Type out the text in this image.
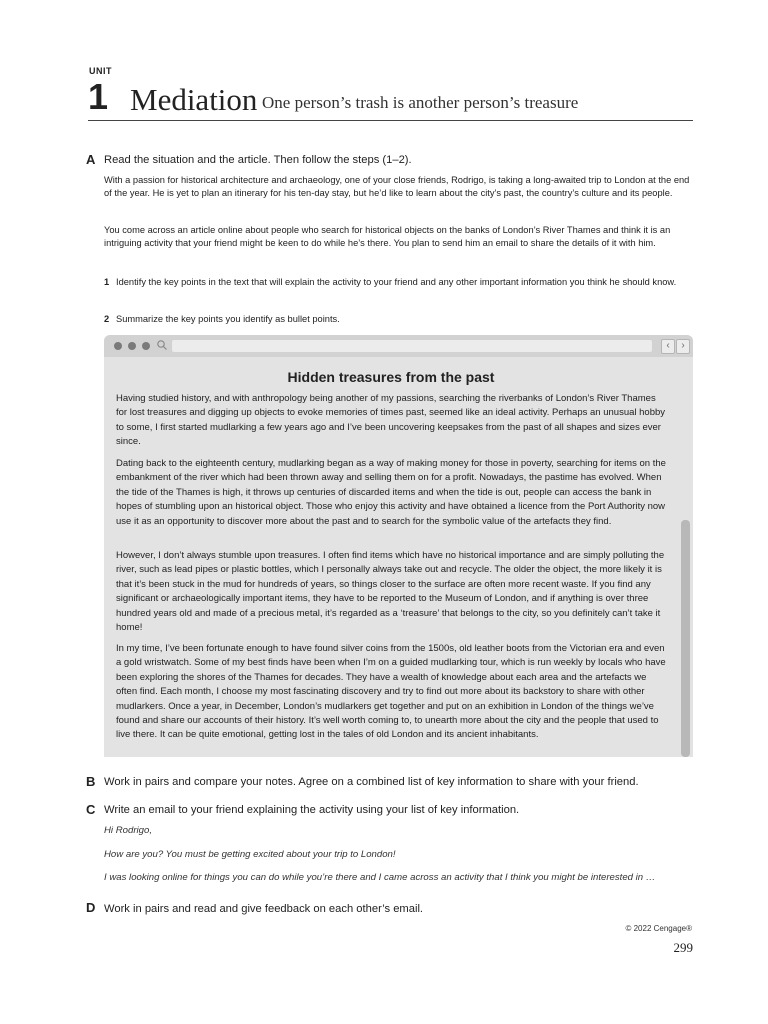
UNIT
1 Mediation One person’s trash is another person’s treasure
A Read the situation and the article. Then follow the steps (1–2).
With a passion for historical architecture and archaeology, one of your close friends, Rodrigo, is taking a long-awaited trip to London at the end of the year. He is yet to plan an itinerary for his ten-day stay, but he’d like to learn about the city’s past, the country’s culture and its people.
You come across an article online about people who search for historical objects on the banks of London’s River Thames and think it is an intriguing activity that your friend might be keen to do while he’s there. You plan to send him an email to share the details of it with him.
1 Identify the key points in the text that will explain the activity to your friend and any other important information you think he should know.
2 Summarize the key points you identify as bullet points.
‹	›
Hidden treasures from the past
Having studied history, and with anthropology being another of my passions, searching the riverbanks of London’s River Thames for lost treasures and digging up objects to evoke memories of times past, seemed like an ideal activity. Perhaps an unusual hobby to some, I first started mudlarking a few years ago and I’ve been uncovering keepsakes from the past of all shapes and sizes ever since.
Dating back to the eighteenth century, mudlarking began as a way of making money for those in poverty, searching for items on the embankment of the river which had been thrown away and selling them on for a profit. Nowadays, the pastime has evolved. When the tide of the Thames is high, it throws up centuries of discarded items and when the tide is out, people can access the bank in hopes of stumbling upon an historical object. Those who enjoy this activity and have obtained a licence from the Port Authority now use it as an opportunity to discover more about the past and to search for the symbolic value of the artefacts they find.
However, I don’t always stumble upon treasures. I often find items which have no historical importance and are simply polluting the river, such as lead pipes or plastic bottles, which I personally always take out and recycle. The older the object, the more likely it is that it’s been stuck in the mud for hundreds of years, so things closer to the surface are often more recent waste. If you find any significant or archaeologically important items, they have to be reported to the Museum of London, and if anything is over three hundred years old and made of a precious metal, it’s regarded as a ‘treasure’ that belongs to the city, so you definitely can’t take it home!
In my time, I’ve been fortunate enough to have found silver coins from the 1500s, old leather boots from the Victorian era and even a gold wristwatch. Some of my best finds have been when I’m on a guided mudlarking tour, which is run weekly by locals who have been exploring the shores of the Thames for decades. They have a wealth of knowledge about each area and the artefacts we often find. Each month, I choose my most fascinating discovery and try to find out more about its backstory to share with other mudlarkers. Once a year, in December, London’s mudlarkers get together and put on an exhibition in London of the things we’ve found and share our accounts of their history. It’s well worth coming to, to unearth more about the city and the people that used to live there. It can be quite emotional, getting lost in the tales of old London and its ancient inhabitants.
B Work in pairs and compare your notes. Agree on a combined list of key information to share with your friend.
C Write an email to your friend explaining the activity using your list of key information.
Hi Rodrigo,
How are you? You must be getting excited about your trip to London!
I was looking online for things you can do while you’re there and I came across an activity that I think you might be interested in …
D Work in pairs and read and give feedback on each other’s email.
© 2022 Cengage®
299
